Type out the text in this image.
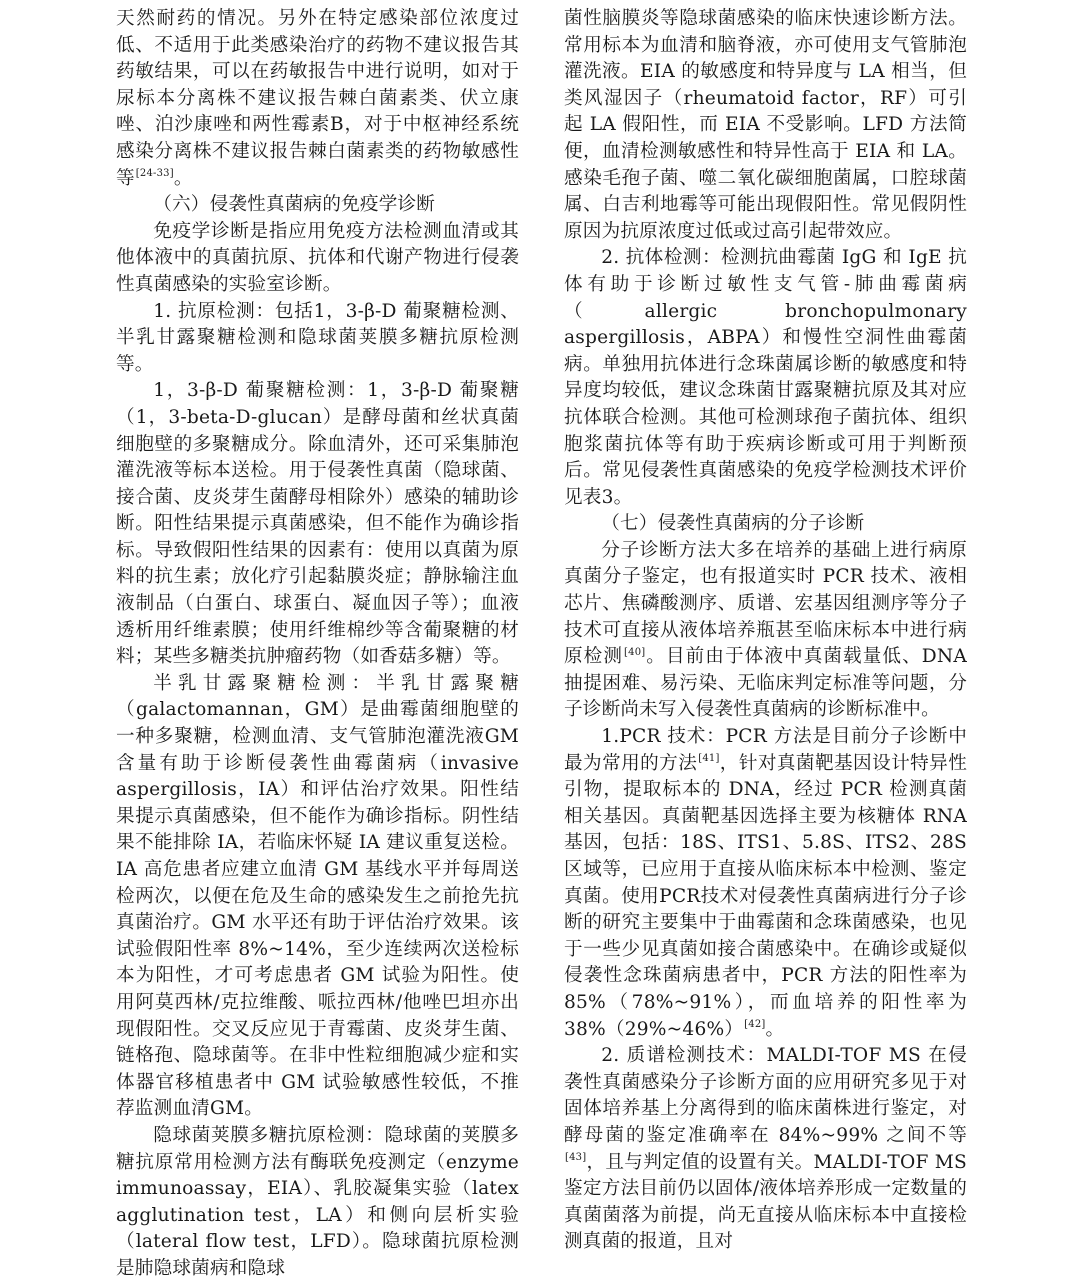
天然耐药的情况。另外在特定感染部位浓度过低、不适用于此类感染治疗的药物不建议报告其药敏结果，可以在药敏报告中进行说明，如对于尿标本分离株不建议报告棘白菌素类、伏立康唑、泊沙康唑和两性霉素B，对于中枢神经系统感染分离株不建议报告棘白菌素类的药物敏感性等[24-33]。

（六）侵袭性真菌病的免疫学诊断

免疫学诊断是指应用免疫方法检测血清或其他体液中的真菌抗原、抗体和代谢产物进行侵袭性真菌感染的实验室诊断。

1. 抗原检测：包括1，3-β-D 葡聚糖检测、半乳甘露聚糖检测和隐球菌荚膜多糖抗原检测等。

1，3-β-D 葡聚糖检测：1，3-β-D 葡聚糖（1，3-beta-D-glucan）是酵母菌和丝状真菌细胞壁的多聚糖成分。除血清外，还可采集肺泡灌洗液等标本送检。用于侵袭性真菌（隐球菌、接合菌、皮炎芽生菌酵母相除外）感染的辅助诊断。阳性结果提示真菌感染，但不能作为确诊指标。导致假阳性结果的因素有：使用以真菌为原料的抗生素；放化疗引起黏膜炎症；静脉输注血液制品（白蛋白、球蛋白、凝血因子等）；血液透析用纤维素膜；使用纤维棉纱等含葡聚糖的材料；某些多糖类抗肿瘤药物（如香菇多糖）等。

半乳甘露聚糖检测：半乳甘露聚糖（galactomannan，GM）是曲霉菌细胞壁的一种多聚糖，检测血清、支气管肺泡灌洗液GM 含量有助于诊断侵袭性曲霉菌病（invasive aspergillosis，IA）和评估治疗效果。阳性结果提示真菌感染，但不能作为确诊指标。阴性结果不能排除 IA，若临床怀疑 IA 建议重复送检。IA 高危患者应建立血清 GM 基线水平并每周送检两次，以便在危及生命的感染发生之前抢先抗真菌治疗。GM 水平还有助于评估治疗效果。该试验假阳性率 8%~14%，至少连续两次送检标本为阳性，才可考虑患者 GM 试验为阳性。使用阿莫西林/克拉维酸、哌拉西林/他唑巴坦亦出现假阳性。交叉反应见于青霉菌、皮炎芽生菌、链格孢、隐球菌等。在非中性粒细胞减少症和实体器官移植患者中 GM 试验敏感性较低，不推荐监测血清GM。

隐球菌荚膜多糖抗原检测：隐球菌的荚膜多糖抗原常用检测方法有酶联免疫测定（enzyme immunoassay，EIA）、乳胶凝集实验（latex agglutination test，LA）和侧向层析实验（lateral flow test，LFD）。隐球菌抗原检测是肺隐球菌病和隐球

菌性脑膜炎等隐球菌感染的临床快速诊断方法。常用标本为血清和脑脊液，亦可使用支气管肺泡灌洗液。EIA 的敏感度和特异度与 LA 相当，但类风湿因子（rheumatoid factor，RF）可引起 LA 假阳性，而 EIA 不受影响。LFD 方法简便，血清检测敏感性和特异性高于 EIA 和 LA。感染毛孢子菌、噬二氧化碳细胞菌属，口腔球菌属、白吉利地霉等可能出现假阳性。常见假阴性原因为抗原浓度过低或过高引起带效应。

2. 抗体检测：检测抗曲霉菌 IgG 和 IgE 抗体有助于诊断过敏性支气管-肺曲霉菌病（allergic bronchopulmonary aspergillosis，ABPA）和慢性空洞性曲霉菌病。单独用抗体进行念珠菌属诊断的敏感度和特异度均较低，建议念珠菌甘露聚糖抗原及其对应抗体联合检测。其他可检测球孢子菌抗体、组织胞浆菌抗体等有助于疾病诊断或可用于判断预后。常见侵袭性真菌感染的免疫学检测技术评价见表3。

（七）侵袭性真菌病的分子诊断

分子诊断方法大多在培养的基础上进行病原真菌分子鉴定，也有报道实时 PCR 技术、液相芯片、焦磷酸测序、质谱、宏基因组测序等分子技术可直接从液体培养瓶甚至临床标本中进行病原检测[40]。目前由于体液中真菌载量低、DNA 抽提困难、易污染、无临床判定标准等问题，分子诊断尚未写入侵袭性真菌病的诊断标准中。

1.PCR 技术：PCR 方法是目前分子诊断中最为常用的方法[41]，针对真菌靶基因设计特异性引物，提取标本的 DNA，经过 PCR 检测真菌相关基因。真菌靶基因选择主要为核糖体 RNA 基因，包括：18S、ITS1、5.8S、ITS2、28S 区域等，已应用于直接从临床标本中检测、鉴定真菌。使用PCR技术对侵袭性真菌病进行分子诊断的研究主要集中于曲霉菌和念珠菌感染，也见于一些少见真菌如接合菌感染中。在确诊或疑似侵袭性念珠菌病患者中，PCR 方法的阳性率为 85%（78%~91%），而血培养的阳性率为 38%（29%~46%）[42]。

2. 质谱检测技术：MALDI-TOF MS 在侵袭性真菌感染分子诊断方面的应用研究多见于对固体培养基上分离得到的临床菌株进行鉴定，对酵母菌的鉴定准确率在 84%~99% 之间不等[43]，且与判定值的设置有关。MALDI-TOF MS 鉴定方法目前仍以固体/液体培养形成一定数量的真菌菌落为前提，尚无直接从临床标本中直接检测真菌的报道，且对
